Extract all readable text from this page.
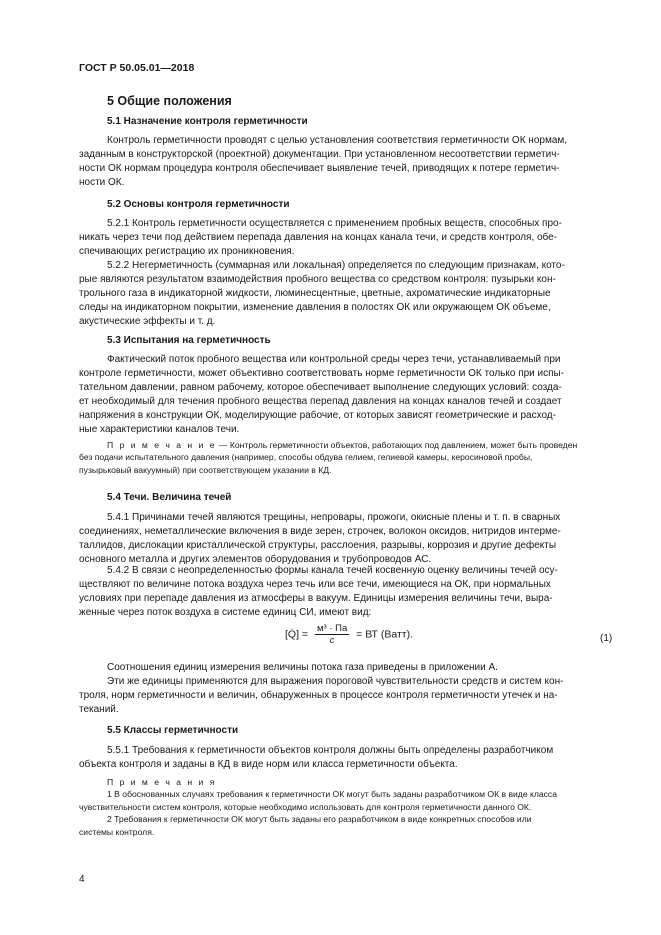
ГОСТ Р 50.05.01—2018
5 Общие положения
5.1 Назначение контроля герметичности
Контроль герметичности проводят с целью установления соответствия герметичности ОК нормам,
заданным в конструкторской (проектной) документации. При установленном несоответствии герметич-
ности ОК нормам процедура контроля обеспечивает выявление течей, приводящих к потере герметич-
ности ОК.
5.2 Основы контроля герметичности
5.2.1 Контроль герметичности осуществляется с применением пробных веществ, способных про-
никать через течи под действием перепада давления на концах канала течи, и средств контроля, обе-
спечивающих регистрацию их проникновения.
5.2.2 Негерметичность (суммарная или локальная) определяется по следующим признакам, кото-
рые являются результатом взаимодействия пробного вещества со средством контроля: пузырьки кон-
трольного газа в индикаторной жидкости, люминесцентные, цветные, ахроматические индикаторные
следы на индикаторном покрытии, изменение давления в полостях ОК или окружающем ОК объеме,
акустические эффекты и т. д.
5.3 Испытания на герметичность
Фактический поток пробного вещества или контрольной среды через течи, устанавливаемый при
контроле герметичности, может объективно соответствовать норме герметичности ОК только при испы-
тательном давлении, равном рабочему, которое обеспечивает выполнение следующих условий: созда-
ет необходимый для течения пробного вещества перепад давления на концах каналов течей и создает
напряжения в конструкции ОК, моделирующие рабочие, от которых зависят геометрические и расход-
ные характеристики каналов течи.
П р и м е ч а н и е — Контроль герметичности объектов, работающих под давлением, может быть проведен
без подачи испытательного давления (например, способы обдува гелием, гелиевой камеры, керосиновой пробы,
пузырьковый вакуумный) при соответствующем указании в КД.
5.4 Течи. Величина течей
5.4.1 Причинами течей являются трещины, непровары, прожоги, окисные плены и т. п. в сварных
соединениях, неметаллические включения в виде зерен, строчек, волокон оксидов, нитридов интерме-
таллидов, дислокации кристаллической структуры, расслоения, разрывы, коррозия и другие дефекты
основного металла и других элементов оборудования и трубопроводов АС.
5.4.2 В связи с неопределенностью формы канала течей косвенную оценку величины течей осу-
ществляют по величине потока воздуха через течь или все течи, имеющиеся на ОК, при нормальных
условиях при перепаде давления из атмосферы в вакуум. Единицы измерения величины течи, выра-
женные через поток воздуха в системе единиц СИ, имеют вид:
[Q̇] = $\frac{\text{м³ · Па}}{с}$ = ВТ (Ватт).	(1)
Соотношения единиц измерения величины потока газа приведены в приложении А.
Эти же единицы применяются для выражения пороговой чувствительности средств и систем кон-
троля, норм герметичности и величин, обнаруженных в процессе контроля герметичности утечек и на-
теканий.
5.5 Классы герметичности
5.5.1 Требования к герметичности объектов контроля должны быть определены разработчиком
объекта контроля и заданы в КД в виде норм или класса герметичности объекта.
П р и м е ч а н и я
1 В обоснованных случаях требования к герметичности ОК могут быть заданы разработчиком ОК в виде класса
чувствительности систем контроля, которые необходимо использовать для контроля герметичности данного ОК.
2 Требования к герметичности ОК могут быть заданы его разработчиком в виде конкретных способов или
системы контроля.
4
